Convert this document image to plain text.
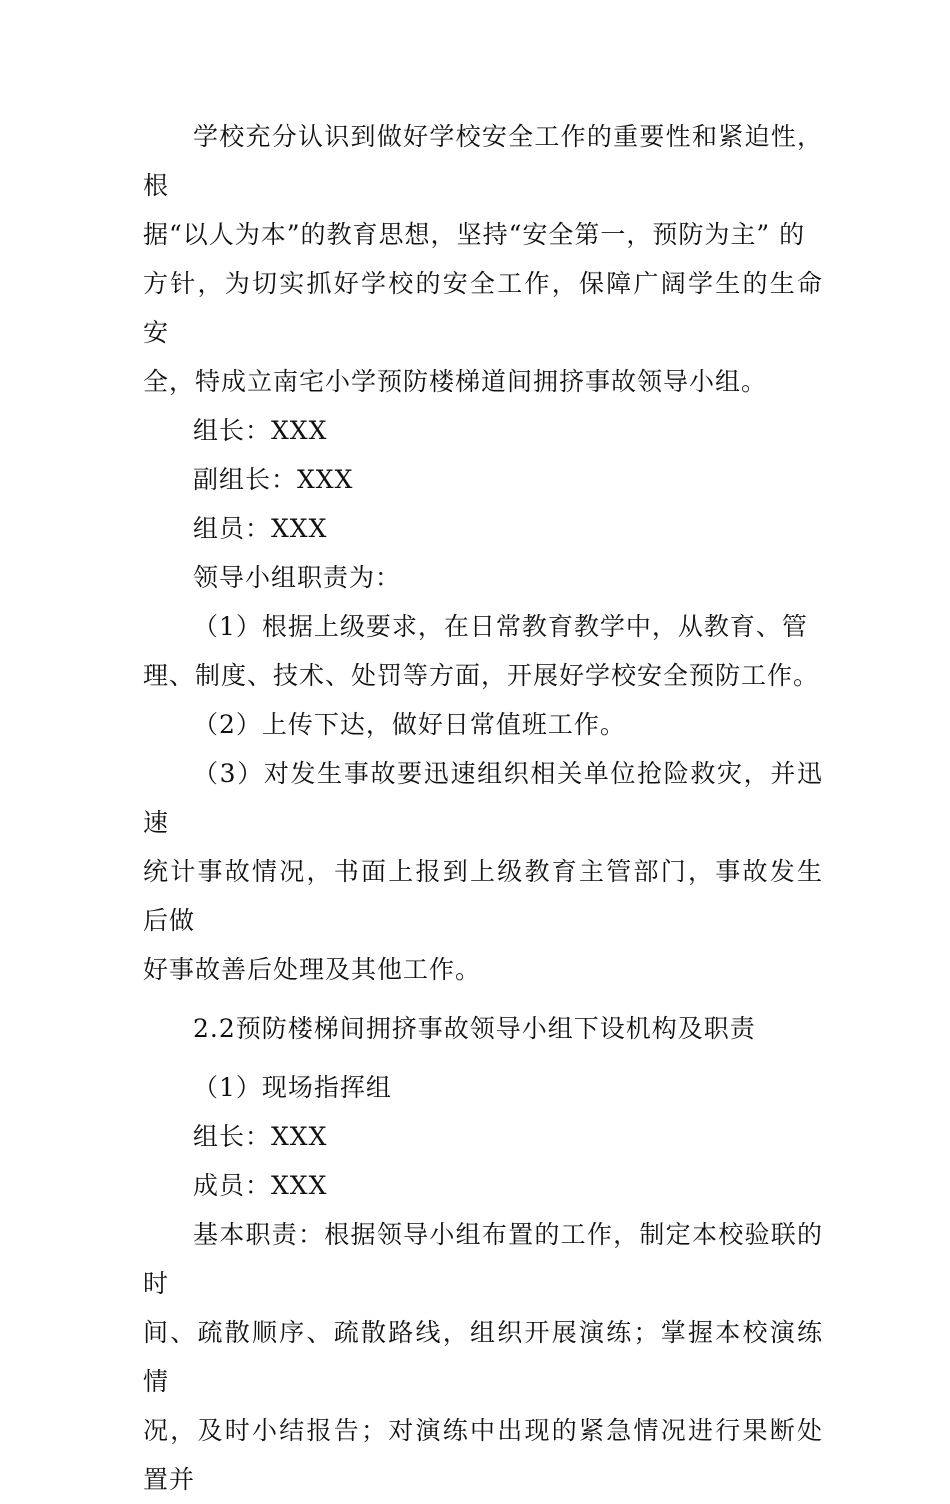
学校充分认识到做好学校安全工作的重要性和紧迫性， 根
据“以人为本”的教育思想，坚持“安全第一，预防为主” 的
方针，为切实抓好学校的安全工作，保障广阔学生的生命 安
全，特成立南宅小学预防楼梯道间拥挤事故领导小组。

组长：XXX

副组长：XXX

组员：XXX

领导小组职责为：

（1）根据上级要求，在日常教育教学中，从教育、管
理、制度、技术、处罚等方面，开展好学校安全预防工作。

（2）上传下达，做好日常值班工作。

（3）对发生事故要迅速组织相关单位抢险救灾，并迅 速
统计事故情况，书面上报到上级教育主管部门，事故发生 后做
好事故善后处理及其他工作。

2.2预防楼梯间拥挤事故领导小组下设机构及职责

（1）现场指挥组

组长：XXX

成员：XXX

基本职责：根据领导小组布置的工作，制定本校验联的 时
间、疏散顺序、疏散路线，组织开展演练；掌握本校演练 情
况，及时小结报告；对演练中出现的紧急情况进行果断处 置并
